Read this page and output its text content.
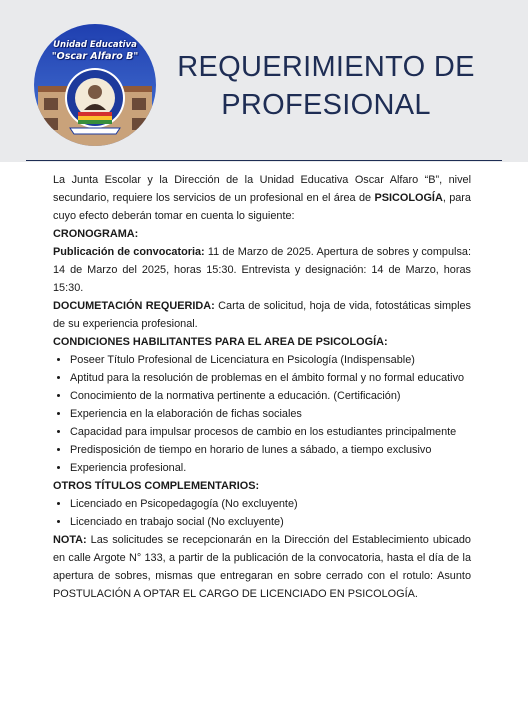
Unidad Educativa
"Oscar Alfaro B"	REQUERIMIENTO DE
PROFESIONAL

La Junta Escolar y la Dirección de la Unidad Educativa Oscar Alfaro “B”, nivel secundario, requiere los servicios de un profesional en el área de PSICOLOGÍA, para cuyo efecto deberán tomar en cuenta lo siguiente:

CRONOGRAMA:

Publicación de convocatoria: 11 de Marzo de 2025. Apertura de sobres y compulsa: 14 de Marzo del 2025, horas 15:30. Entrevista y designación: 14 de Marzo, horas 15:30.

DOCUMETACIÓN REQUERIDA: Carta de solicitud, hoja de vida, fotostáticas simples de su experiencia profesional.

CONDICIONES HABILITANTES PARA EL AREA DE PSICOLOGÍA:

• Poseer Título Profesional de Licenciatura en Psicología (Indispensable)
• Aptitud para la resolución de problemas en el ámbito formal y no formal educativo
• Conocimiento de la normativa pertinente a educación. (Certificación)
• Experiencia en la elaboración de fichas sociales
• Capacidad para impulsar procesos de cambio en los estudiantes principalmente
• Predisposición de tiempo en horario de lunes a sábado, a tiempo exclusivo
• Experiencia profesional.

OTROS TÍTULOS COMPLEMENTARIOS:

• Licenciado en Psicopedagogía (No excluyente)
• Licenciado en trabajo social (No excluyente)

NOTA: Las solicitudes se recepcionarán en la Dirección del Establecimiento ubicado en calle Argote N° 133, a partir de la publicación de la convocatoria, hasta el día de la apertura de sobres, mismas que entregaran en sobre cerrado con el rotulo: Asunto POSTULACIÓN A OPTAR EL CARGO DE LICENCIADO EN PSICOLOGÍA.
